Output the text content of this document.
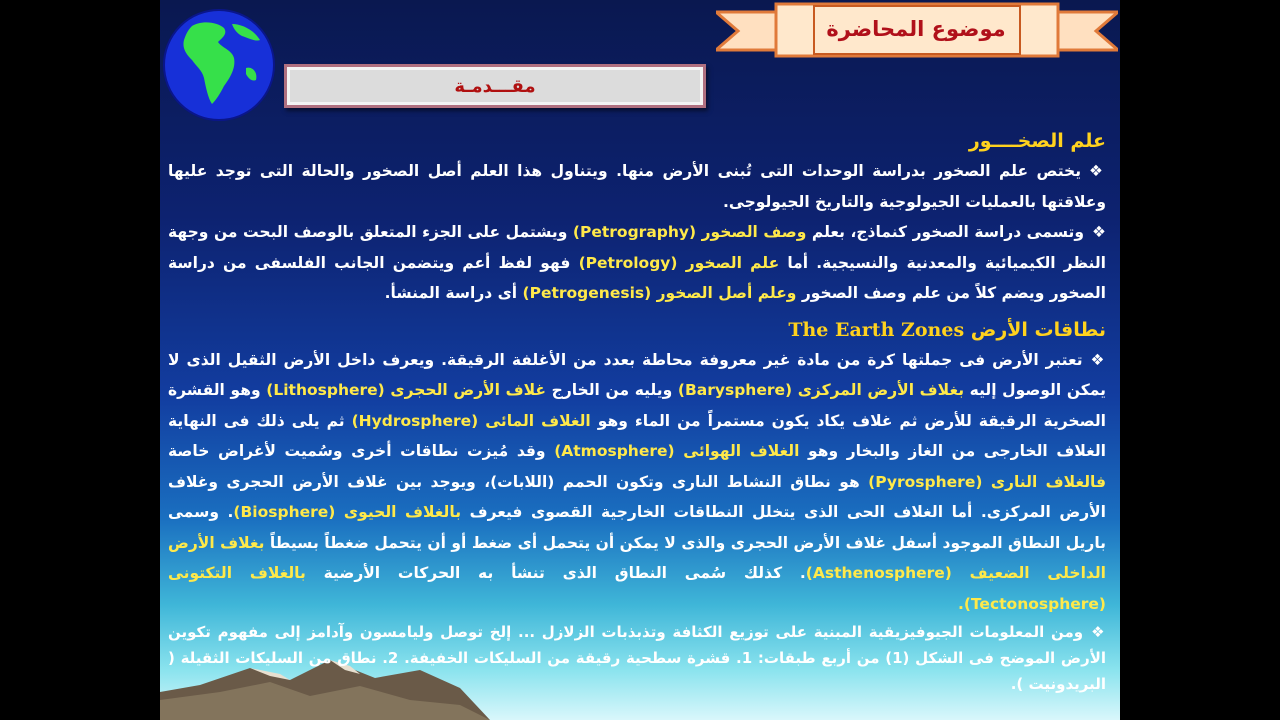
موضوع المحاضرة
مقـــدمـة
علم الصخــــور

❖يختص علم الصخور بدراسة الوحدات التى تُبنى الأرض منها. ويتناول هذا العلم أصل الصخور والحالة التى توجد عليها وعلاقتها بالعمليات الجيولوجية والتاريخ الجيولوجى.

❖وتسمى دراسة الصخور كنماذج، بعلم وصف الصخور (Petrography) ويشتمل على الجزء المتعلق بالوصف البحت من وجهة النظر الكيميائية والمعدنية والنسيجية. أما علم الصخور (Petrology) فهو لفظ أعم ويتضمن الجانب الفلسفى من دراسة الصخور ويضم كلاً من علم وصف الصخور وعلم أصل الصخور (Petrogenesis) أى دراسة المنشأ.

نطاقات الأرض The Earth Zones

❖تعتبر الأرض فى جملتها كرة من مادة غير معروفة محاطة بعدد من الأغلفة الرقيقة. ويعرف داخل الأرض الثقيل الذى لا يمكن الوصول إليه بغلاف الأرض المركزى (Barysphere) ويليه من الخارج غلاف الأرض الحجرى (Lithosphere) وهو القشرة الصخرية الرقيقة للأرض ثم غلاف يكاد يكون مستمراً من الماء وهو الغلاف المائى (Hydrosphere) ثم يلى ذلك فى النهاية الغلاف الخارجى من الغاز والبخار وهو الغلاف الهوائى (Atmosphere) وقد مُيزت نطاقات أخرى وسُميت لأغراض خاصة فالغلاف النارى (Pyrosphere) هو نطاق النشاط النارى وتكون الحمم (اللابات)، ويوجد بين غلاف الأرض الحجرى وغلاف الأرض المركزى. أما الغلاف الحى الذى يتخلل النطاقات الخارجية القصوى فيعرف بالغلاف الحيوى (Biosphere). وسمى باريل النطاق الموجود أسفل غلاف الأرض الحجرى والذى لا يمكن أن يتحمل أى ضغط أو أن يتحمل ضغطاً بسيطاً بغلاف الأرض الداخلى الضعيف (Asthenosphere). كذلك سُمى النطاق الذى تنشأ به الحركات الأرضية بالغلاف التكتونى (Tectonosphere).

❖ومن المعلومات الجيوفيزيقية المبنية على توزيع الكثافة وتذبذبات الزلازل ... إلخ توصل وليامسون وآدامز إلى مفهوم تكوين الأرض الموضح فى الشكل (1) من أربع طبقات: 1. قشرة سطحية رقيقة من السليكات الخفيفة. 2. نطاق من السليكات الثقيلة ( البريدونيت ).
